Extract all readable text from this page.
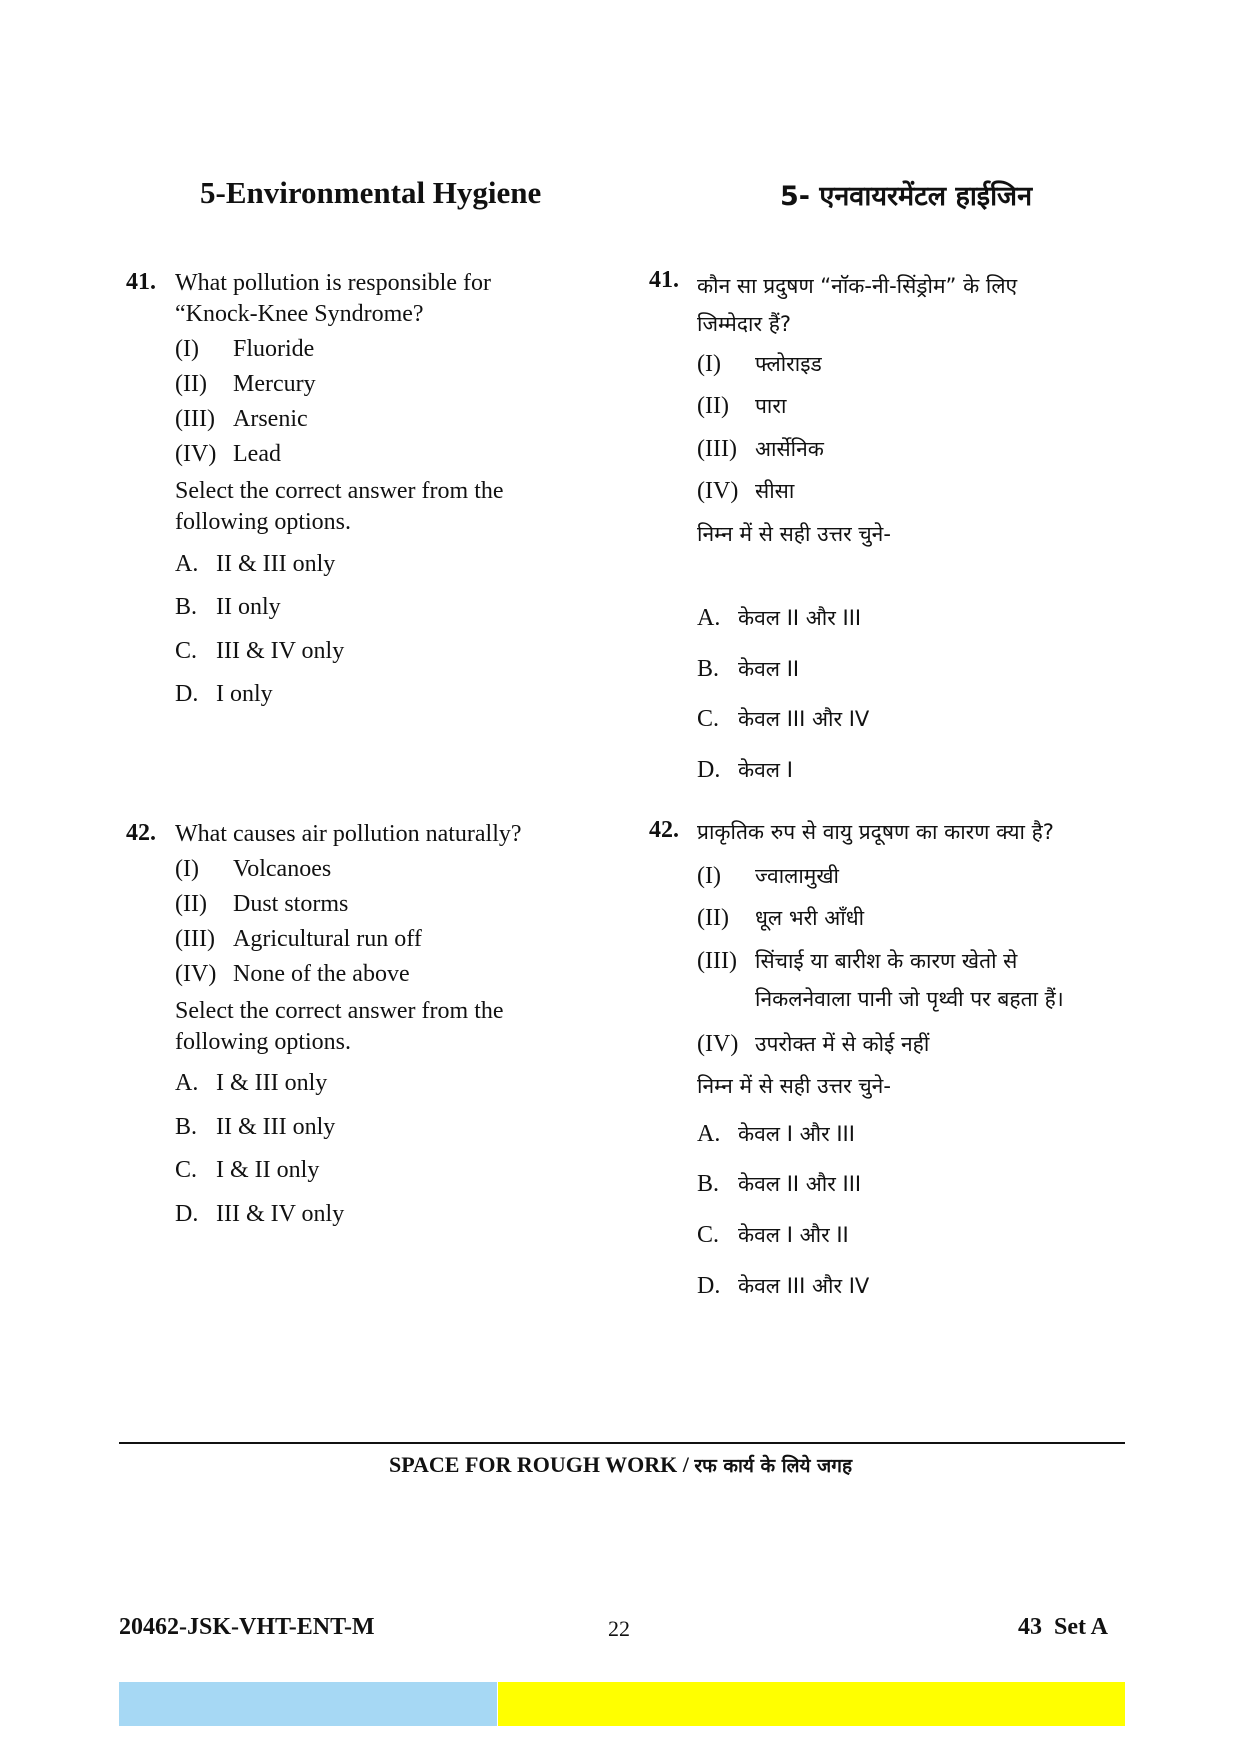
5-Environmental Hygiene	5- एनवायरमेंटल हाईजिन
41. What pollution is responsible for
“Knock-Knee Syndrome?
(I) Fluoride
(II) Mercury
(III) Arsenic
(IV) Lead
Select the correct answer from the
following options.
A. II & III only
B. II only
C. III & IV only
D. I only
42. What causes air pollution naturally?
(I) Volcanoes
(II) Dust storms
(III) Agricultural run off
(IV) None of the above
Select the correct answer from the
following options.
A. I & III only
B. II & III only
C. I & II only
D. III & IV only
41. कौन सा प्रदुषण “नॉक-नी-सिंड्रोम” के लिए
जिम्मेदार हैं?
(I) फ्लोराइड
(II) पारा
(III) आर्सेनिक
(IV) सीसा
निम्न में से सही उत्तर चुने-
A. केवल II और III
B. केवल II
C. केवल III और IV
D. केवल I
42. प्राकृतिक रुप से वायु प्रदूषण का कारण क्या है?
(I) ज्वालामुखी
(II) धूल भरी आँधी
(III) सिंचाई या बारीश के कारण खेतो से
निकलनेवाला पानी जो पृथ्वी पर बहता हैं।
(IV) उपरोक्त में से कोई नहीं
निम्न में से सही उत्तर चुने-
A. केवल I और III
B. केवल II और III
C. केवल I और II
D. केवल III और IV
SPACE FOR ROUGH WORK / रफ कार्य के लिये जगह
20462-JSK-VHT-ENT-M	22	43 Set A
